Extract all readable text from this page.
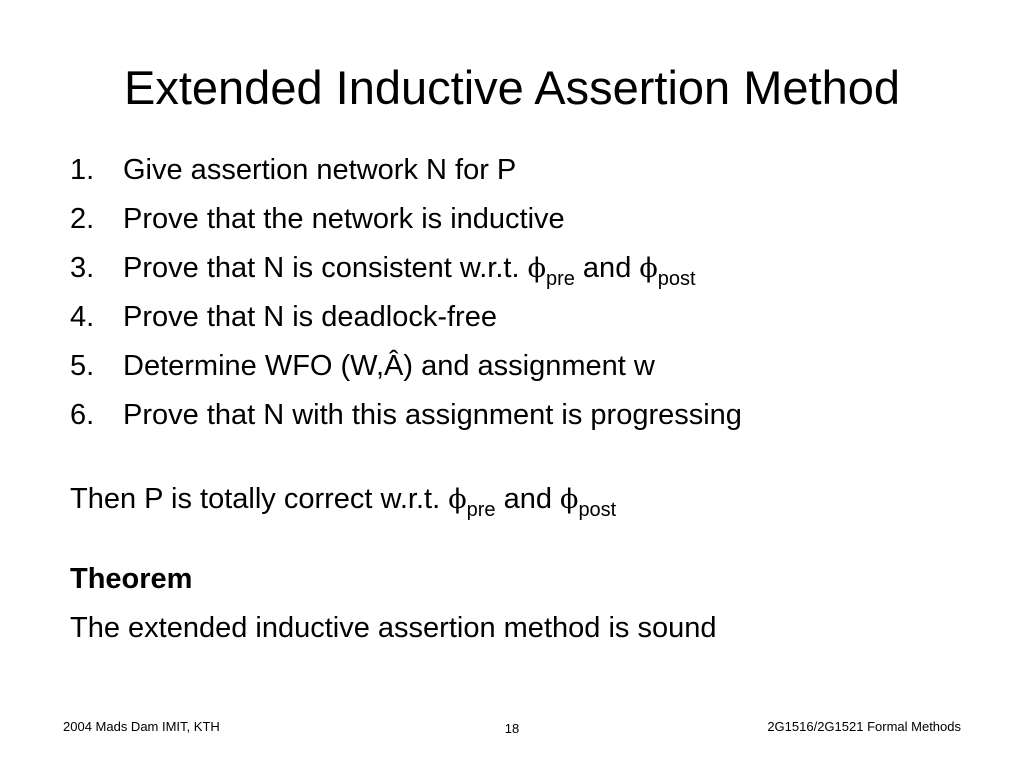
Extended Inductive Assertion Method
1. Give assertion network N for P
2. Prove that the network is inductive
3. Prove that N is consistent w.r.t. $\phi_{pre}$ and $\phi_{post}$
4. Prove that N is deadlock-free
5. Determine WFO (W,Â) and assignment w
6. Prove that N with this assignment is progressing

Then P is totally correct w.r.t. $\phi_{pre}$ and $\phi_{post}$

Theorem

The extended inductive assertion method is sound

2004 Mads Dam IMIT, KTH	18	2G1516/2G1521 Formal Methods
